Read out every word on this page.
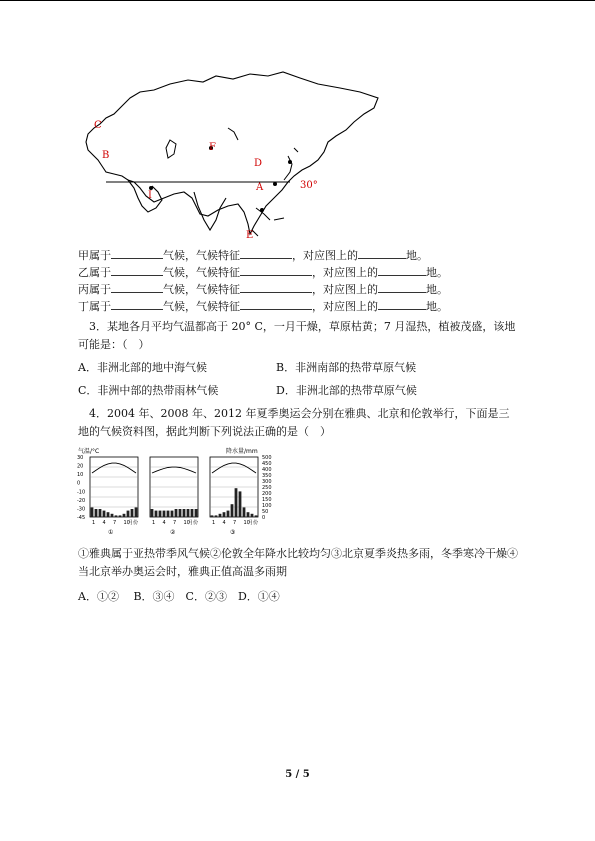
C
B
F
D
A
I
E
30°
甲属于	气候，气候特征	，对应图上的	地。
乙属于	气候，气候特征	，对应图上的	地。
丙属于	气候，气候特征	，对应图上的	地。
丁属于	气候，气候特征	，对应图上的	地。
3．某地各月平均气温都高于 20° C，一月干燥，草原枯黄；7 月湿热，植被茂盛，该地可能是：（　）
A．非洲北部的地中海气候	B．非洲南部的热带草原气候
C．非洲中部的热带雨林气候	D．非洲北部的热带草原气候
4．2004 年、2008 年、2012 年夏季奥运会分别在雅典、北京和伦敦举行，下面是三地的气候资料图，据此判断下列说法正确的是（　）
气温/°C	降水量/mm
30
20
10
0
-10
-20
-30
-45
500
450
400
350
300
250
200
150
100
50
0
1 4 7 10
月份	1 4 7 10
月份	1 4 7 10
月份
①	②	③
①雅典属于亚热带季风气候②伦敦全年降水比较均匀③北京夏季炎热多雨，冬季寒冷干燥④当北京举办奥运会时，雅典正值高温多雨期
A．①②　 B．③④　C．②③　D．①④
5 / 5
